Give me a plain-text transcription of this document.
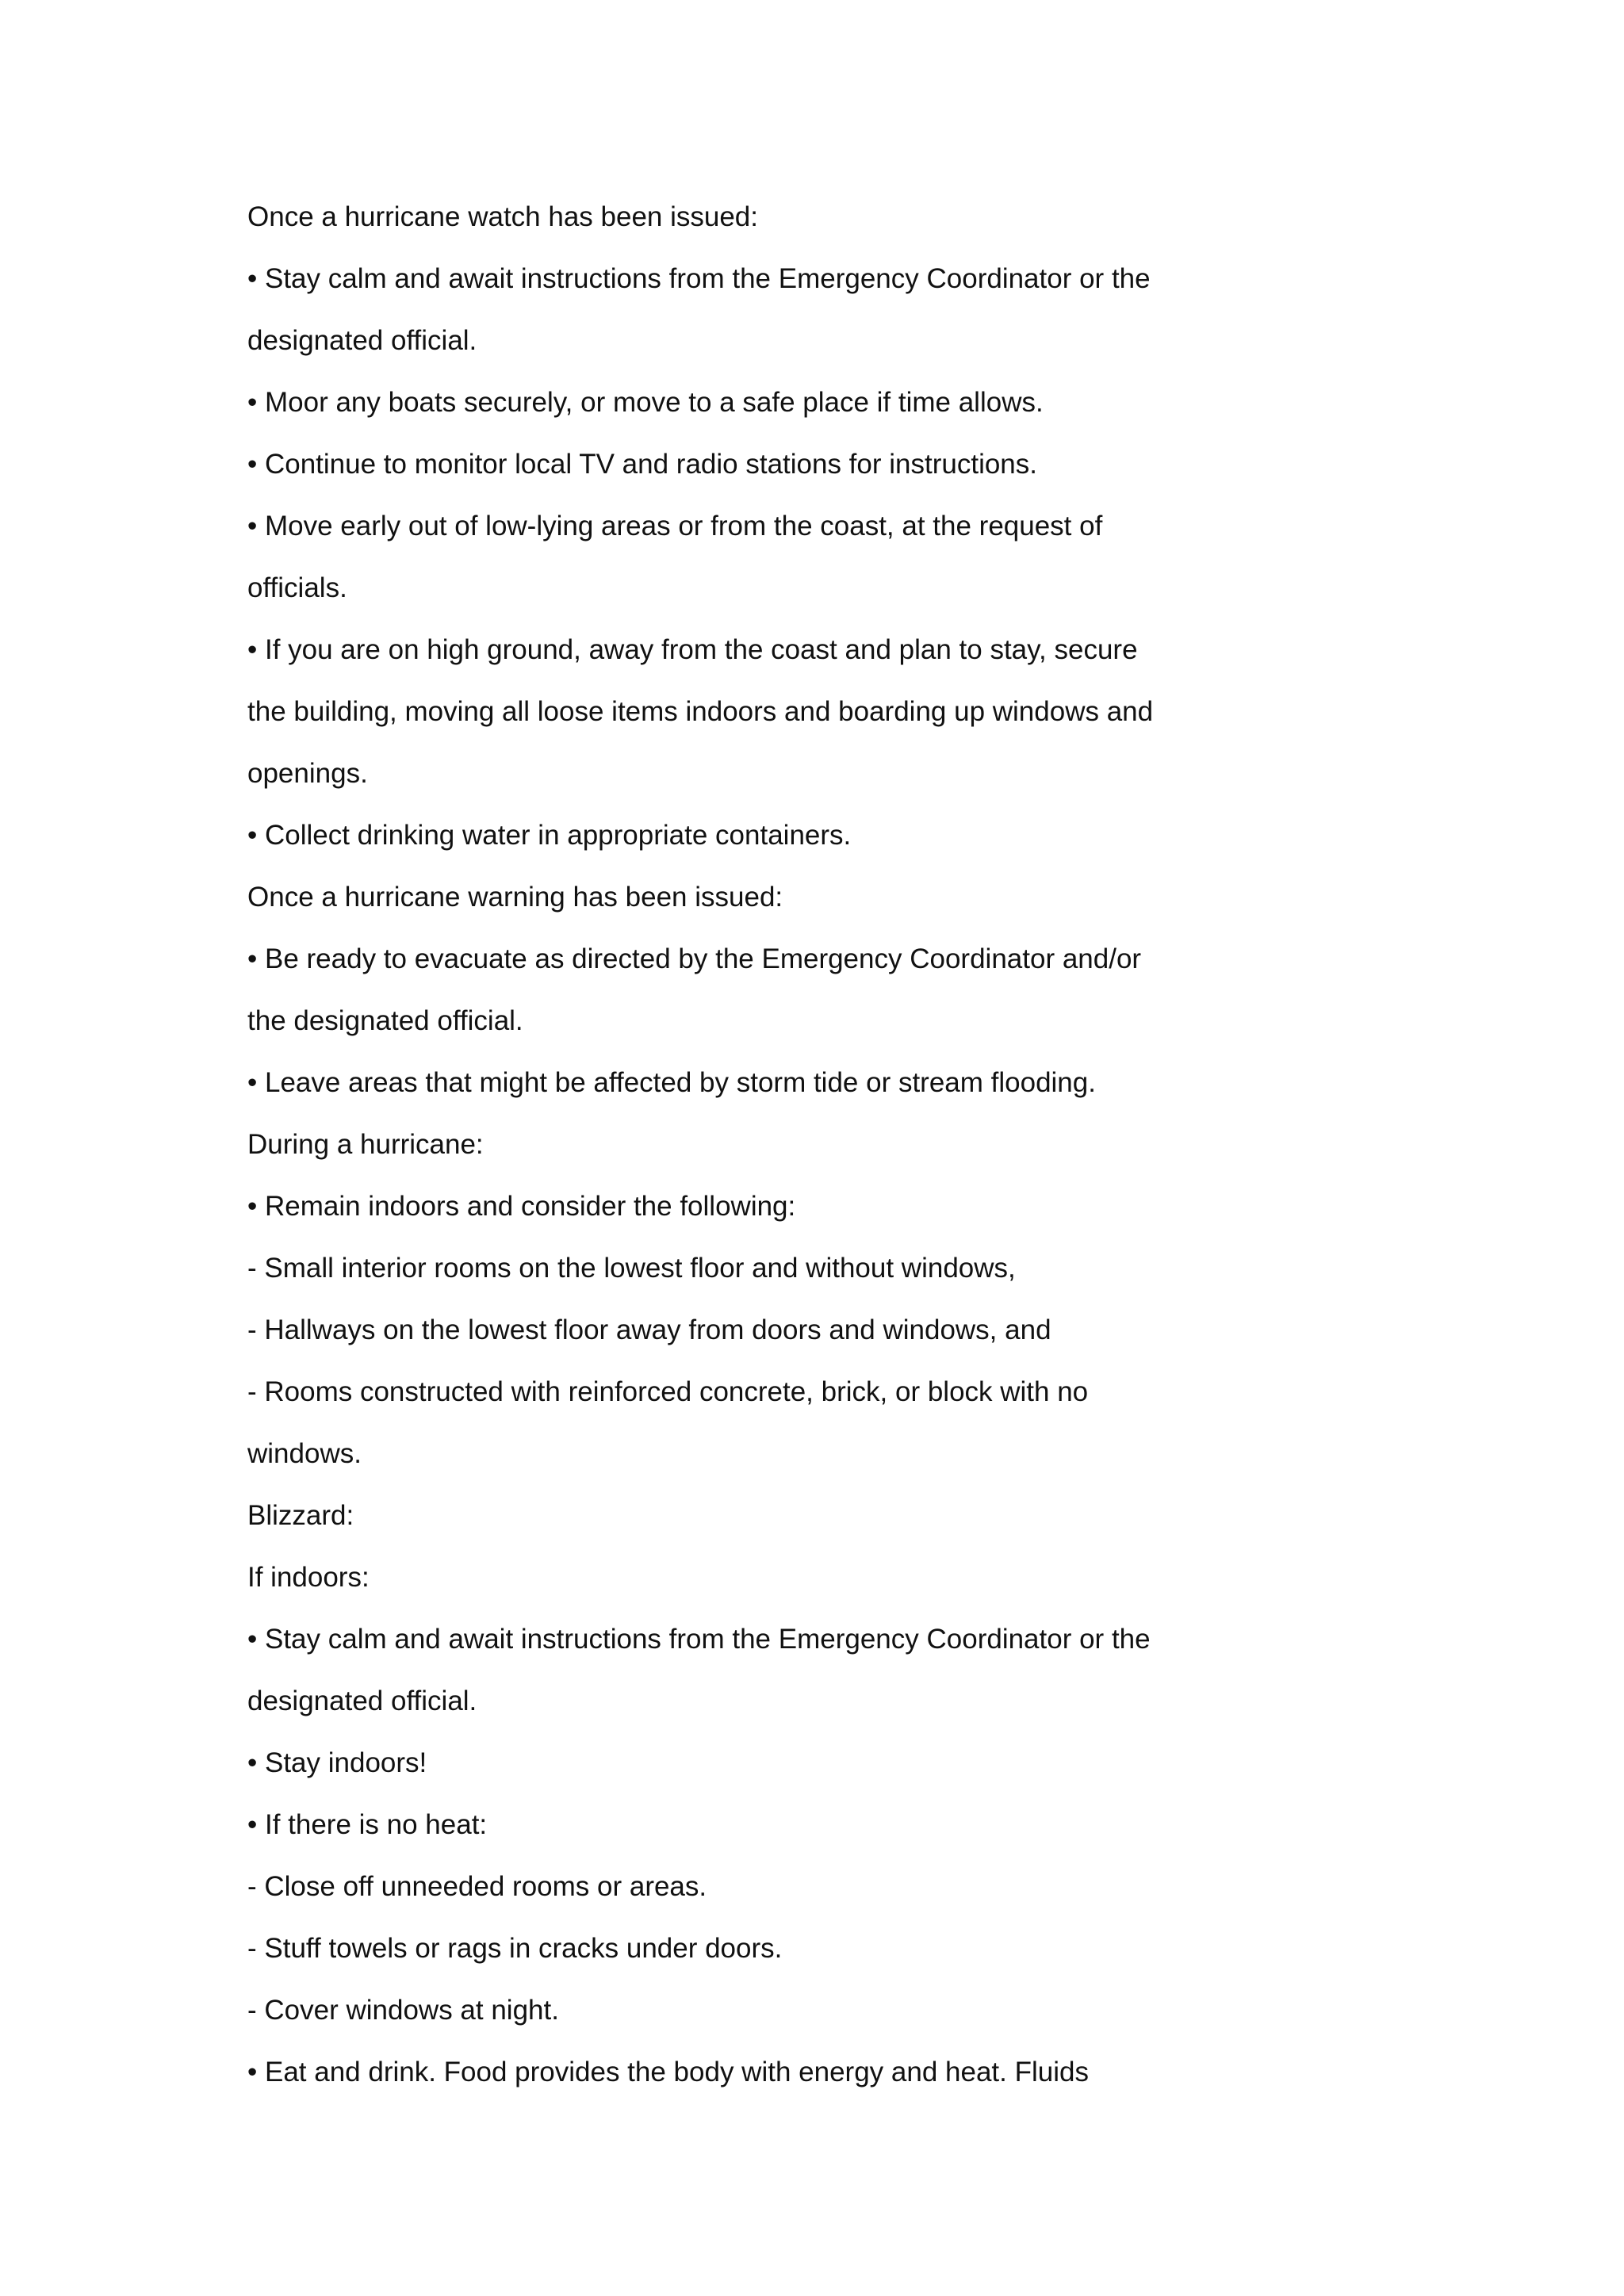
Once a hurricane watch has been issued:
• Stay calm and await instructions from the Emergency Coordinator or the
designated official.
• Moor any boats securely, or move to a safe place if time allows.
• Continue to monitor local TV and radio stations for instructions.
• Move early out of low-lying areas or from the coast, at the request of
officials.
• If you are on high ground, away from the coast and plan to stay, secure
the building, moving all loose items indoors and boarding up windows and
openings.
• Collect drinking water in appropriate containers.
Once a hurricane warning has been issued:
• Be ready to evacuate as directed by the Emergency Coordinator and/or
the designated official.
• Leave areas that might be affected by storm tide or stream flooding.
During a hurricane:
• Remain indoors and consider the following:
- Small interior rooms on the lowest floor and without windows,
- Hallways on the lowest floor away from doors and windows, and
- Rooms constructed with reinforced concrete, brick, or block with no
windows.
Blizzard:
If indoors:
• Stay calm and await instructions from the Emergency Coordinator or the
designated official.
• Stay indoors!
• If there is no heat:
- Close off unneeded rooms or areas.
- Stuff towels or rags in cracks under doors.
- Cover windows at night.
• Eat and drink. Food provides the body with energy and heat. Fluids
